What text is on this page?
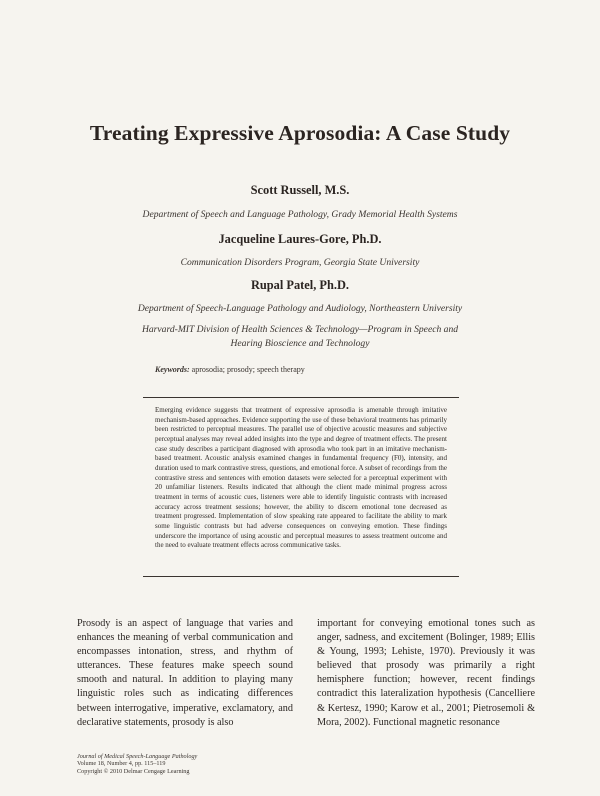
Treating Expressive Aprosodia: A Case Study
Scott Russell, M.S.
Department of Speech and Language Pathology, Grady Memorial Health Systems
Jacqueline Laures-Gore, Ph.D.
Communication Disorders Program, Georgia State University
Rupal Patel, Ph.D.
Department of Speech-Language Pathology and Audiology, Northeastern University
Harvard-MIT Division of Health Sciences & Technology—Program in Speech and Hearing Bioscience and Technology
Keywords: aprosodia; prosody; speech therapy
Emerging evidence suggests that treatment of expressive aprosodia is amenable through imitative mechanism-based approaches. Evidence supporting the use of these behavioral treatments has primarily been restricted to perceptual measures. The parallel use of objective acoustic measures and subjective perceptual analyses may reveal added insights into the type and degree of treatment effects. The present case study describes a participant diagnosed with aprosodia who took part in an imitative mechanism-based treatment. Acoustic analysis examined changes in fundamental frequency (F0), intensity, and duration used to mark contrastive stress, questions, and emotional force. A subset of recordings from the contrastive stress and sentences with emotion datasets were selected for a perceptual experiment with 20 unfamiliar listeners. Results indicated that although the client made minimal progress across treatment in terms of acoustic cues, listeners were able to identify linguistic contrasts with increased accuracy across treatment sessions; however, the ability to discern emotional tone decreased as treatment progressed. Implementation of slow speaking rate appeared to facilitate the ability to mark some linguistic contrasts but had adverse consequences on conveying emotion. These findings underscore the importance of using acoustic and perceptual measures to assess treatment outcome and the need to evaluate treatment effects across communicative tasks.
Prosody is an aspect of language that varies and enhances the meaning of verbal communication and encompasses intonation, stress, and rhythm of utterances. These features make speech sound smooth and natural. In addition to playing many linguistic roles such as indicating differences between interrogative, imperative, exclamatory, and declarative statements, prosody is also
important for conveying emotional tones such as anger, sadness, and excitement (Bolinger, 1989; Ellis & Young, 1993; Lehiste, 1970). Previously it was believed that prosody was primarily a right hemisphere function; however, recent findings contradict this lateralization hypothesis (Cancelliere & Kertesz, 1990; Karow et al., 2001; Pietrosemoli & Mora, 2002). Functional magnetic resonance
Journal of Medical Speech-Language Pathology
Volume 18, Number 4, pp. 115–119
Copyright © 2010 Delmar Cengage Learning
